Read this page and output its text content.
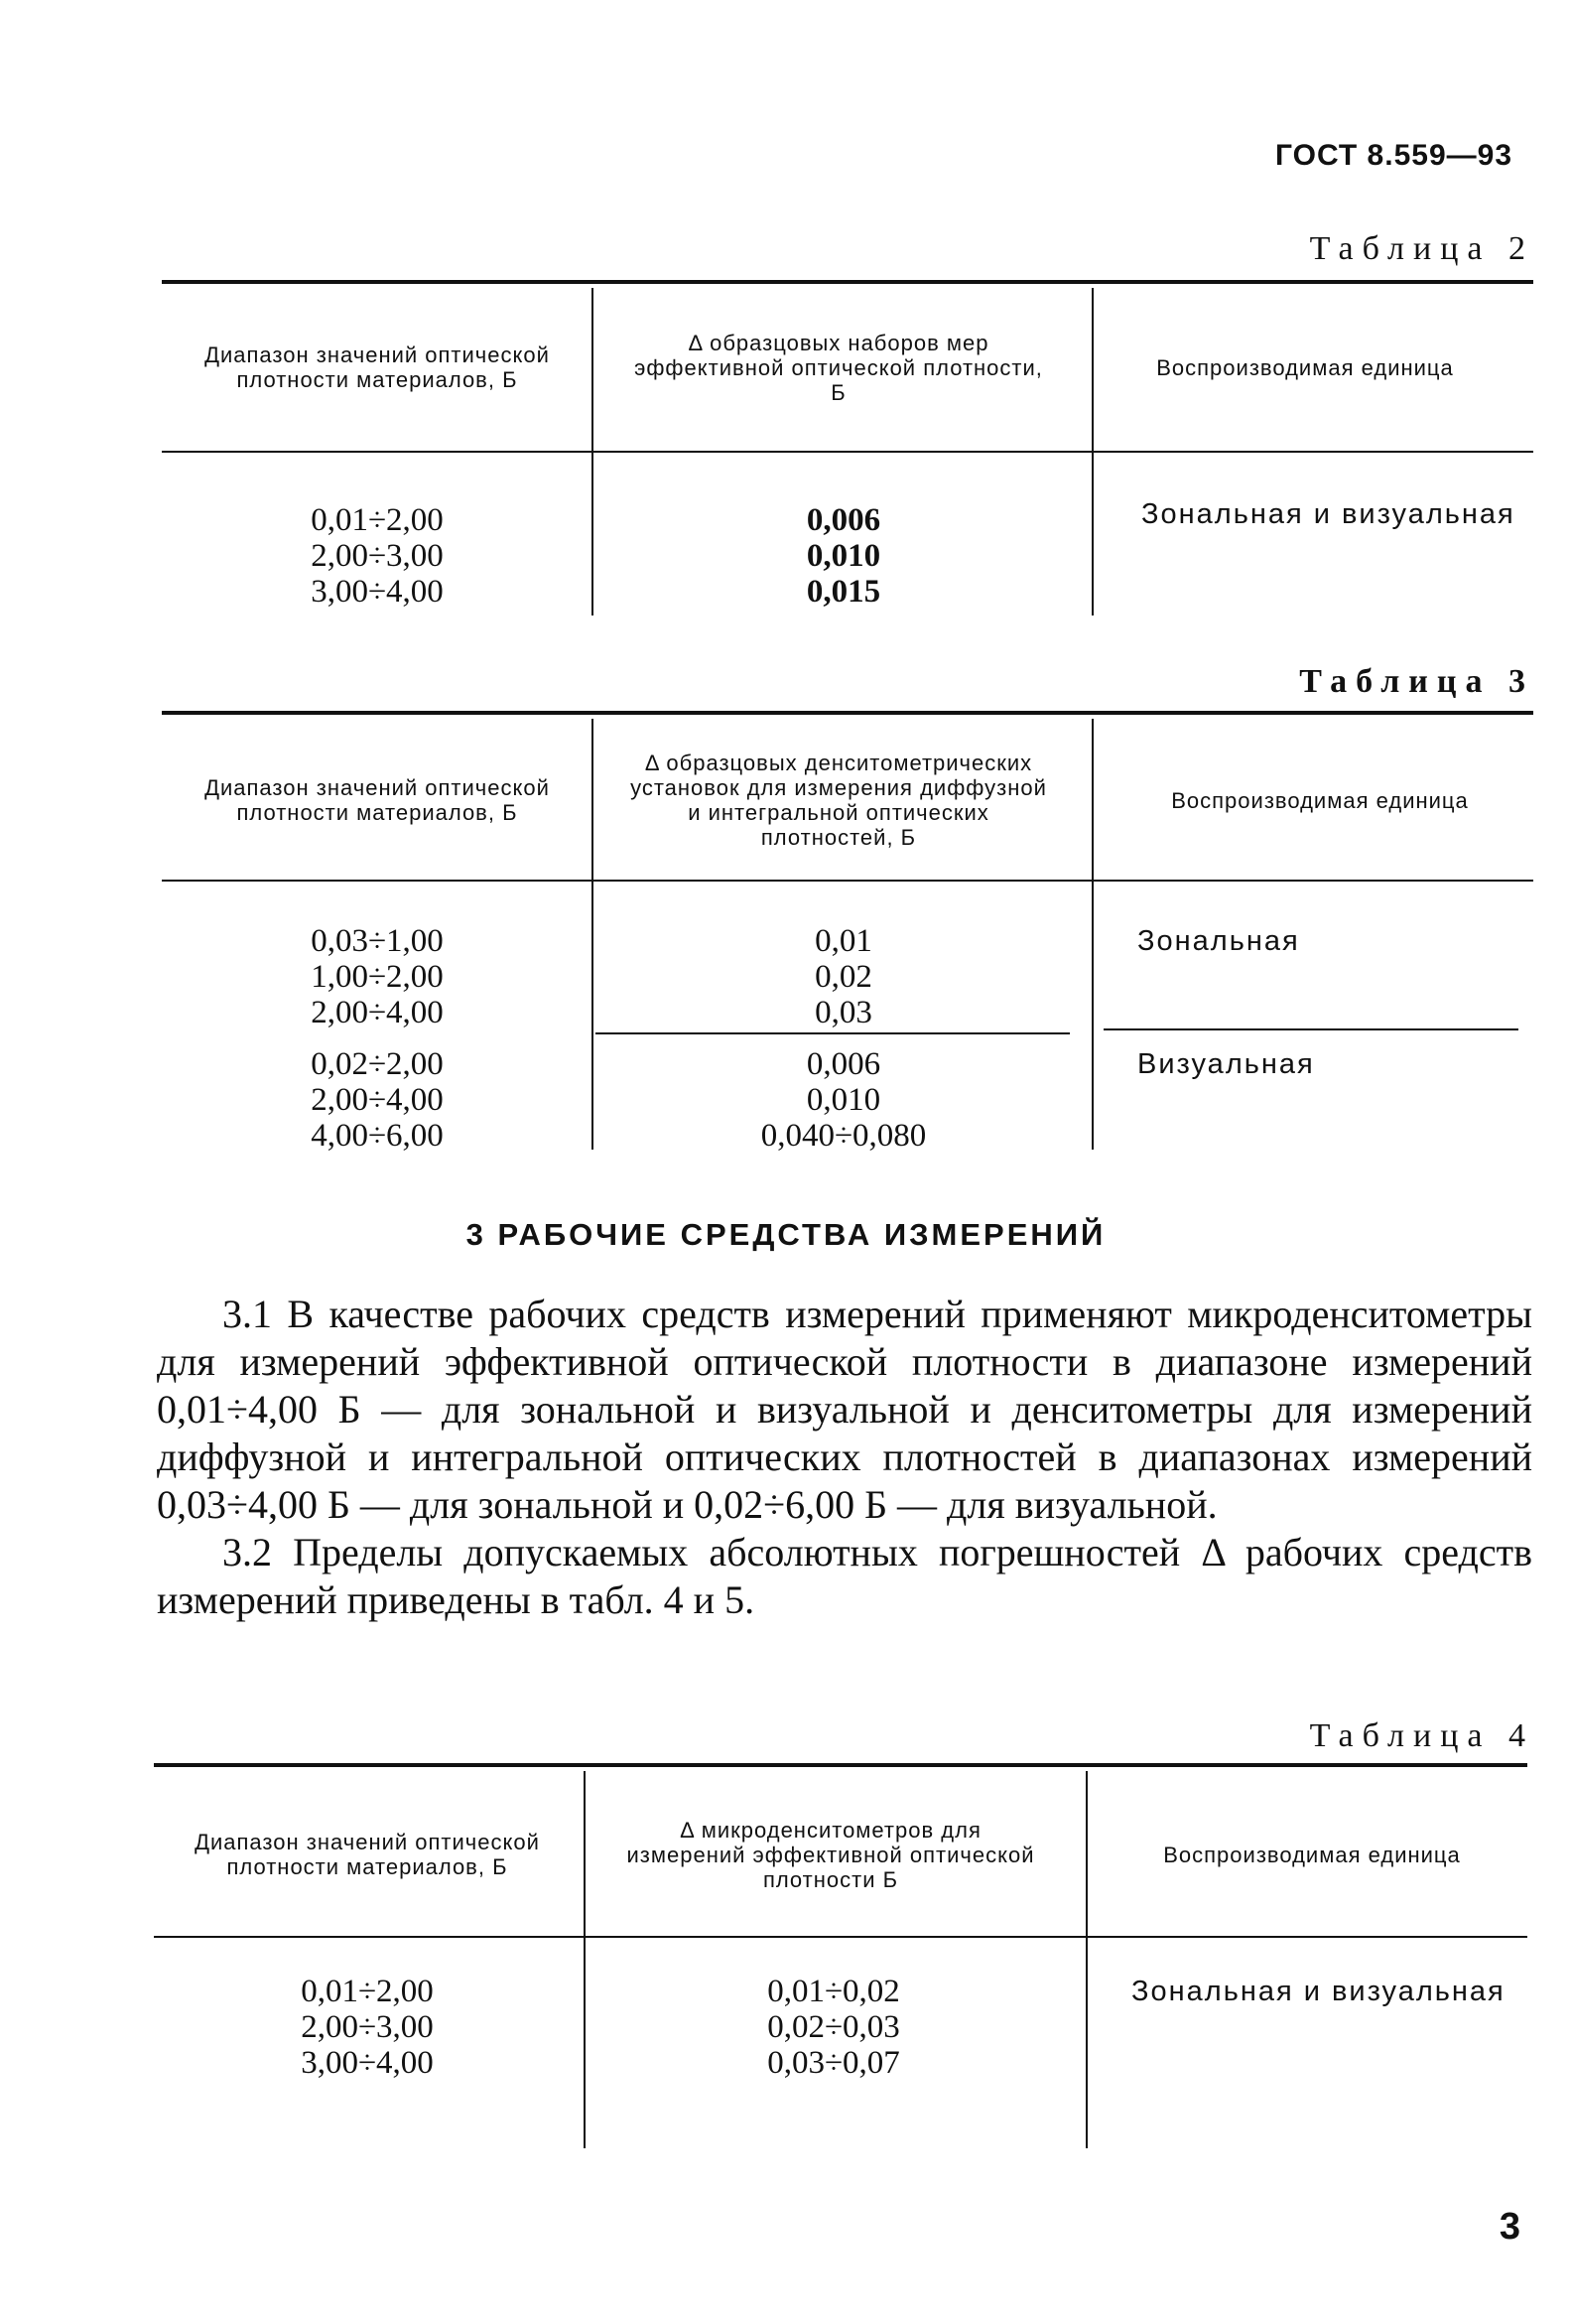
ГОСТ 8.559—93
Таблица 2
Диапазон значений оптической плотности материалов, Б
Δ образцовых наборов мер эффективной оптической плотности, Б
Воспроизводимая единица
0,01÷2,00
2,00÷3,00
3,00÷4,00
0,006
0,010
0,015
Зональная и визуальная
Таблица 3
Диапазон значений оптической плотности материалов, Б
Δ образцовых денситометрических установок для измерения диффузной и интегральной оптических плотностей, Б
Воспроизводимая единица
0,03÷1,00
1,00÷2,00
2,00÷4,00
0,01
0,02
0,03
Зональная
0,02÷2,00
2,00÷4,00
4,00÷6,00
0,006
0,010
0,040÷0,080
Визуальная
3 РАБОЧИЕ СРЕДСТВА ИЗМЕРЕНИЙ

3.1 В качестве рабочих средств измерений применяют микроденситометры для измерений эффективной оптической плотности в диапазоне измерений 0,01÷4,00 Б — для зональной и визуальной и денситометры для измерений диффузной и интегральной оптических плотностей в диапазонах измерений 0,03÷4,00 Б — для зональной и 0,02÷6,00 Б — для визуальной.

3.2 Пределы допускаемых абсолютных погрешностей Δ рабочих средств измерений приведены в табл. 4 и 5.

Таблица 4
Диапазон значений оптической плотности материалов, Б
Δ микроденситометров для измерений эффективной оптической плотности Б
Воспроизводимая единица
0,01÷2,00
2,00÷3,00
3,00÷4,00
0,01÷0,02
0,02÷0,03
0,03÷0,07
Зональная и визуальная
3
